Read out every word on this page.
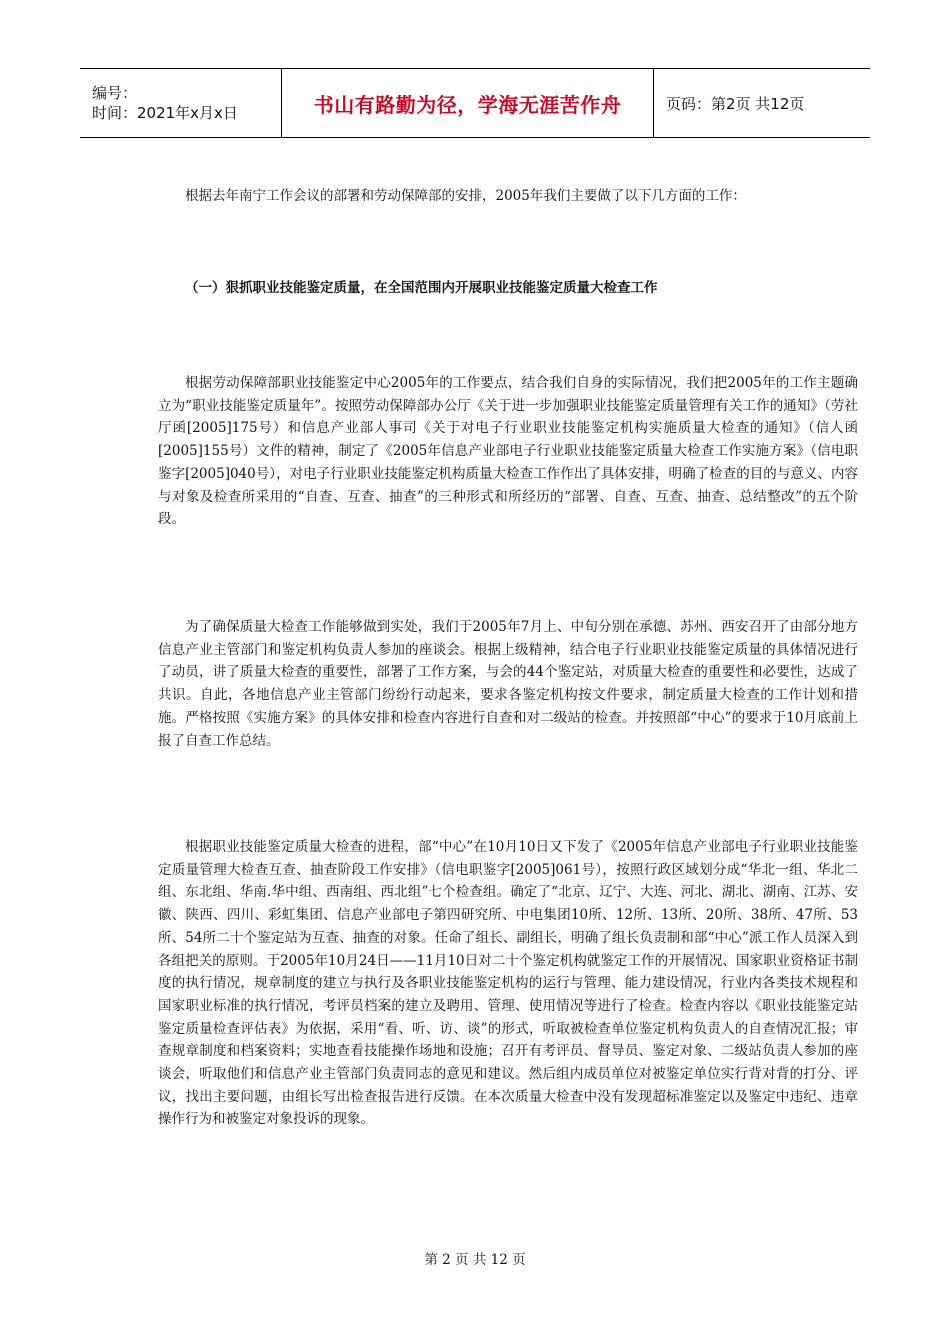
编号：
时间：2021年x月x日	书山有路勤为径，学海无涯苦作舟	页码：第2页 共12页

根据去年南宁工作会议的部署和劳动保障部的安排，2005年我们主要做了以下几方面的工作：

（一）狠抓职业技能鉴定质量，在全国范围内开展职业技能鉴定质量大检查工作

根据劳动保障部职业技能鉴定中心2005年的工作要点，结合我们自身的实际情况，我们把2005年的工作主题确立为“职业技能鉴定质量年”。按照劳动保障部办公厅《关于进一步加强职业技能鉴定质量管理有关工作的通知》（劳社厅函[2005]175号）和信息产业部人事司《关于对电子行业职业技能鉴定机构实施质量大检查的通知》（信人函[2005]155号）文件的精神，制定了《2005年信息产业部电子行业职业技能鉴定质量大检查工作实施方案》（信电职鉴字[2005]040号），对电子行业职业技能鉴定机构质量大检查工作作出了具体安排，明确了检查的目的与意义、内容与对象及检查所采用的“自查、互查、抽查”的三种形式和所经历的“部署、自查、互查、抽查、总结整改”的五个阶段。

为了确保质量大检查工作能够做到实处，我们于2005年7月上、中旬分别在承德、苏州、西安召开了由部分地方信息产业主管部门和鉴定机构负责人参加的座谈会。根据上级精神，结合电子行业职业技能鉴定质量的具体情况进行了动员，讲了质量大检查的重要性，部署了工作方案，与会的44个鉴定站，对质量大检查的重要性和必要性，达成了共识。自此，各地信息产业主管部门纷纷行动起来，要求各鉴定机构按文件要求，制定质量大检查的工作计划和措施。严格按照《实施方案》的具体安排和检查内容进行自查和对二级站的检查。并按照部“中心”的要求于10月底前上报了自查工作总结。

根据职业技能鉴定质量大检查的进程，部“中心”在10月10日又下发了《2005年信息产业部电子行业职业技能鉴定质量管理大检查互查、抽查阶段工作安排》（信电职鉴字[2005]061号），按照行政区域划分成“华北一组、华北二组、东北组、华南.华中组、西南组、西北组”七个检查组。确定了“北京、辽宁、大连、河北、湖北、湖南、江苏、安徽、陕西、四川、彩虹集团、信息产业部电子第四研究所、中电集团10所、12所、13所、20所、38所、47所、53所、54所二十个鉴定站为互查、抽查的对象。任命了组长、副组长，明确了组长负责制和部“中心”派工作人员深入到各组把关的原则。于2005年10月24日——11月10日对二十个鉴定机构就鉴定工作的开展情况、国家职业资格证书制度的执行情况，规章制度的建立与执行及各职业技能鉴定机构的运行与管理、能力建设情况，行业内各类技术规程和国家职业标准的执行情况，考评员档案的建立及聘用、管理、使用情况等进行了检查。检查内容以《职业技能鉴定站鉴定质量检查评估表》为依据，采用“看、听、访、谈”的形式，听取被检查单位鉴定机构负责人的自查情况汇报；审查规章制度和档案资料；实地查看技能操作场地和设施；召开有考评员、督导员、鉴定对象、二级站负责人参加的座谈会，听取他们和信息产业主管部门负责同志的意见和建议。然后组内成员单位对被鉴定单位实行背对背的打分、评议，找出主要问题，由组长写出检查报告进行反馈。在本次质量大检查中没有发现超标准鉴定以及鉴定中违纪、违章操作行为和被鉴定对象投诉的现象。

第 2 页 共 12 页
